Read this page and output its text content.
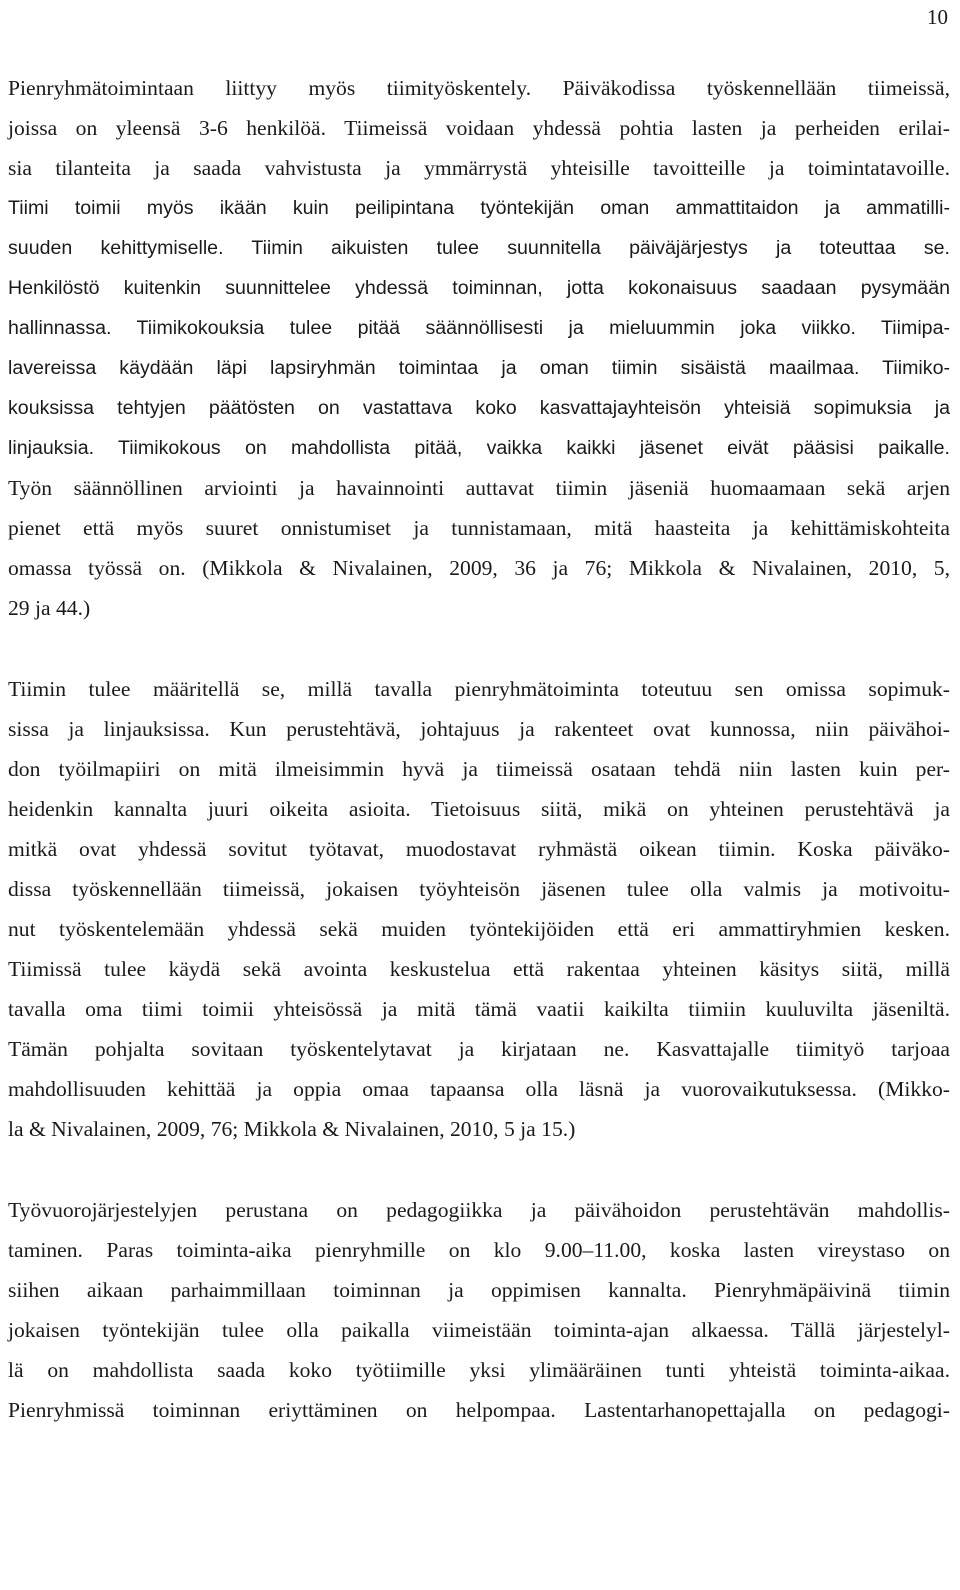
10
Pienryhmätoimintaan liittyy myös tiimityöskentely. Päiväkodissa työskennellään tiimeissä,
joissa on yleensä 3-6 henkilöä. Tiimeissä voidaan yhdessä pohtia lasten ja perheiden erilai-
sia tilanteita ja saada vahvistusta ja ymmärrystä yhteisille tavoitteille ja toimintatavoille.
Tiimi toimii myös ikään kuin peilipintana työntekijän oman ammattitaidon ja ammatilli-
suuden kehittymiselle. Tiimin aikuisten tulee suunnitella päiväjärjestys ja toteuttaa se.
Henkilöstö kuitenkin suunnittelee yhdessä toiminnan, jotta kokonaisuus saadaan pysymään
hallinnassa. Tiimikokouksia tulee pitää säännöllisesti ja mieluummin joka viikko. Tiimipa-
lavereissa käydään läpi lapsiryhmän toimintaa ja oman tiimin sisäistä maailmaa. Tiimiko-
kouksissa tehtyjen päätösten on vastattava koko kasvattajayhteisön yhteisiä sopimuksia ja
linjauksia. Tiimikokous on mahdollista pitää, vaikka kaikki jäsenet eivät pääsisi paikalle.
Työn säännöllinen arviointi ja havainnointi auttavat tiimin jäseniä huomaamaan sekä arjen
pienet että myös suuret onnistumiset ja tunnistamaan, mitä haasteita ja kehittämiskohteita
omassa työssä on. (Mikkola & Nivalainen, 2009, 36 ja 76; Mikkola & Nivalainen, 2010, 5,
29 ja 44.)
Tiimin tulee määritellä se, millä tavalla pienryhmätoiminta toteutuu sen omissa sopimuk-
sissa ja linjauksissa. Kun perustehtävä, johtajuus ja rakenteet ovat kunnossa, niin päivähoi-
don työilmapiiri on mitä ilmeisimmin hyvä ja tiimeissä osataan tehdä niin lasten kuin per-
heidenkin kannalta juuri oikeita asioita. Tietoisuus siitä, mikä on yhteinen perustehtävä ja
mitkä ovat yhdessä sovitut työtavat, muodostavat ryhmästä oikean tiimin. Koska päiväko-
dissa työskennellään tiimeissä, jokaisen työyhteisön jäsenen tulee olla valmis ja motivoitu-
nut työskentelemään yhdessä sekä muiden työntekijöiden että eri ammattiryhmien kesken.
Tiimissä tulee käydä sekä avointa keskustelua että rakentaa yhteinen käsitys siitä, millä
tavalla oma tiimi toimii yhteisössä ja mitä tämä vaatii kaikilta tiimiin kuuluvilta jäseniltä.
Tämän pohjalta sovitaan työskentelytavat ja kirjataan ne. Kasvattajalle tiimityö tarjoaa
mahdollisuuden kehittää ja oppia omaa tapaansa olla läsnä ja vuorovaikutuksessa. (Mikko-
la & Nivalainen, 2009, 76; Mikkola & Nivalainen, 2010, 5 ja 15.)
Työvuorojärjestelyjen perustana on pedagogiikka ja päivähoidon perustehtävän mahdollis-
taminen. Paras toiminta-aika pienryhmille on klo 9.00–11.00, koska lasten vireystaso on
siihen aikaan parhaimmillaan toiminnan ja oppimisen kannalta. Pienryhmäpäivinä tiimin
jokaisen työntekijän tulee olla paikalla viimeistään toiminta-ajan alkaessa. Tällä järjestelyl-
lä on mahdollista saada koko työtiimille yksi ylimääräinen tunti yhteistä toiminta-aikaa.
Pienryhmissä toiminnan eriyttäminen on helpompaa. Lastentarhanopettajalla on pedagogi-
